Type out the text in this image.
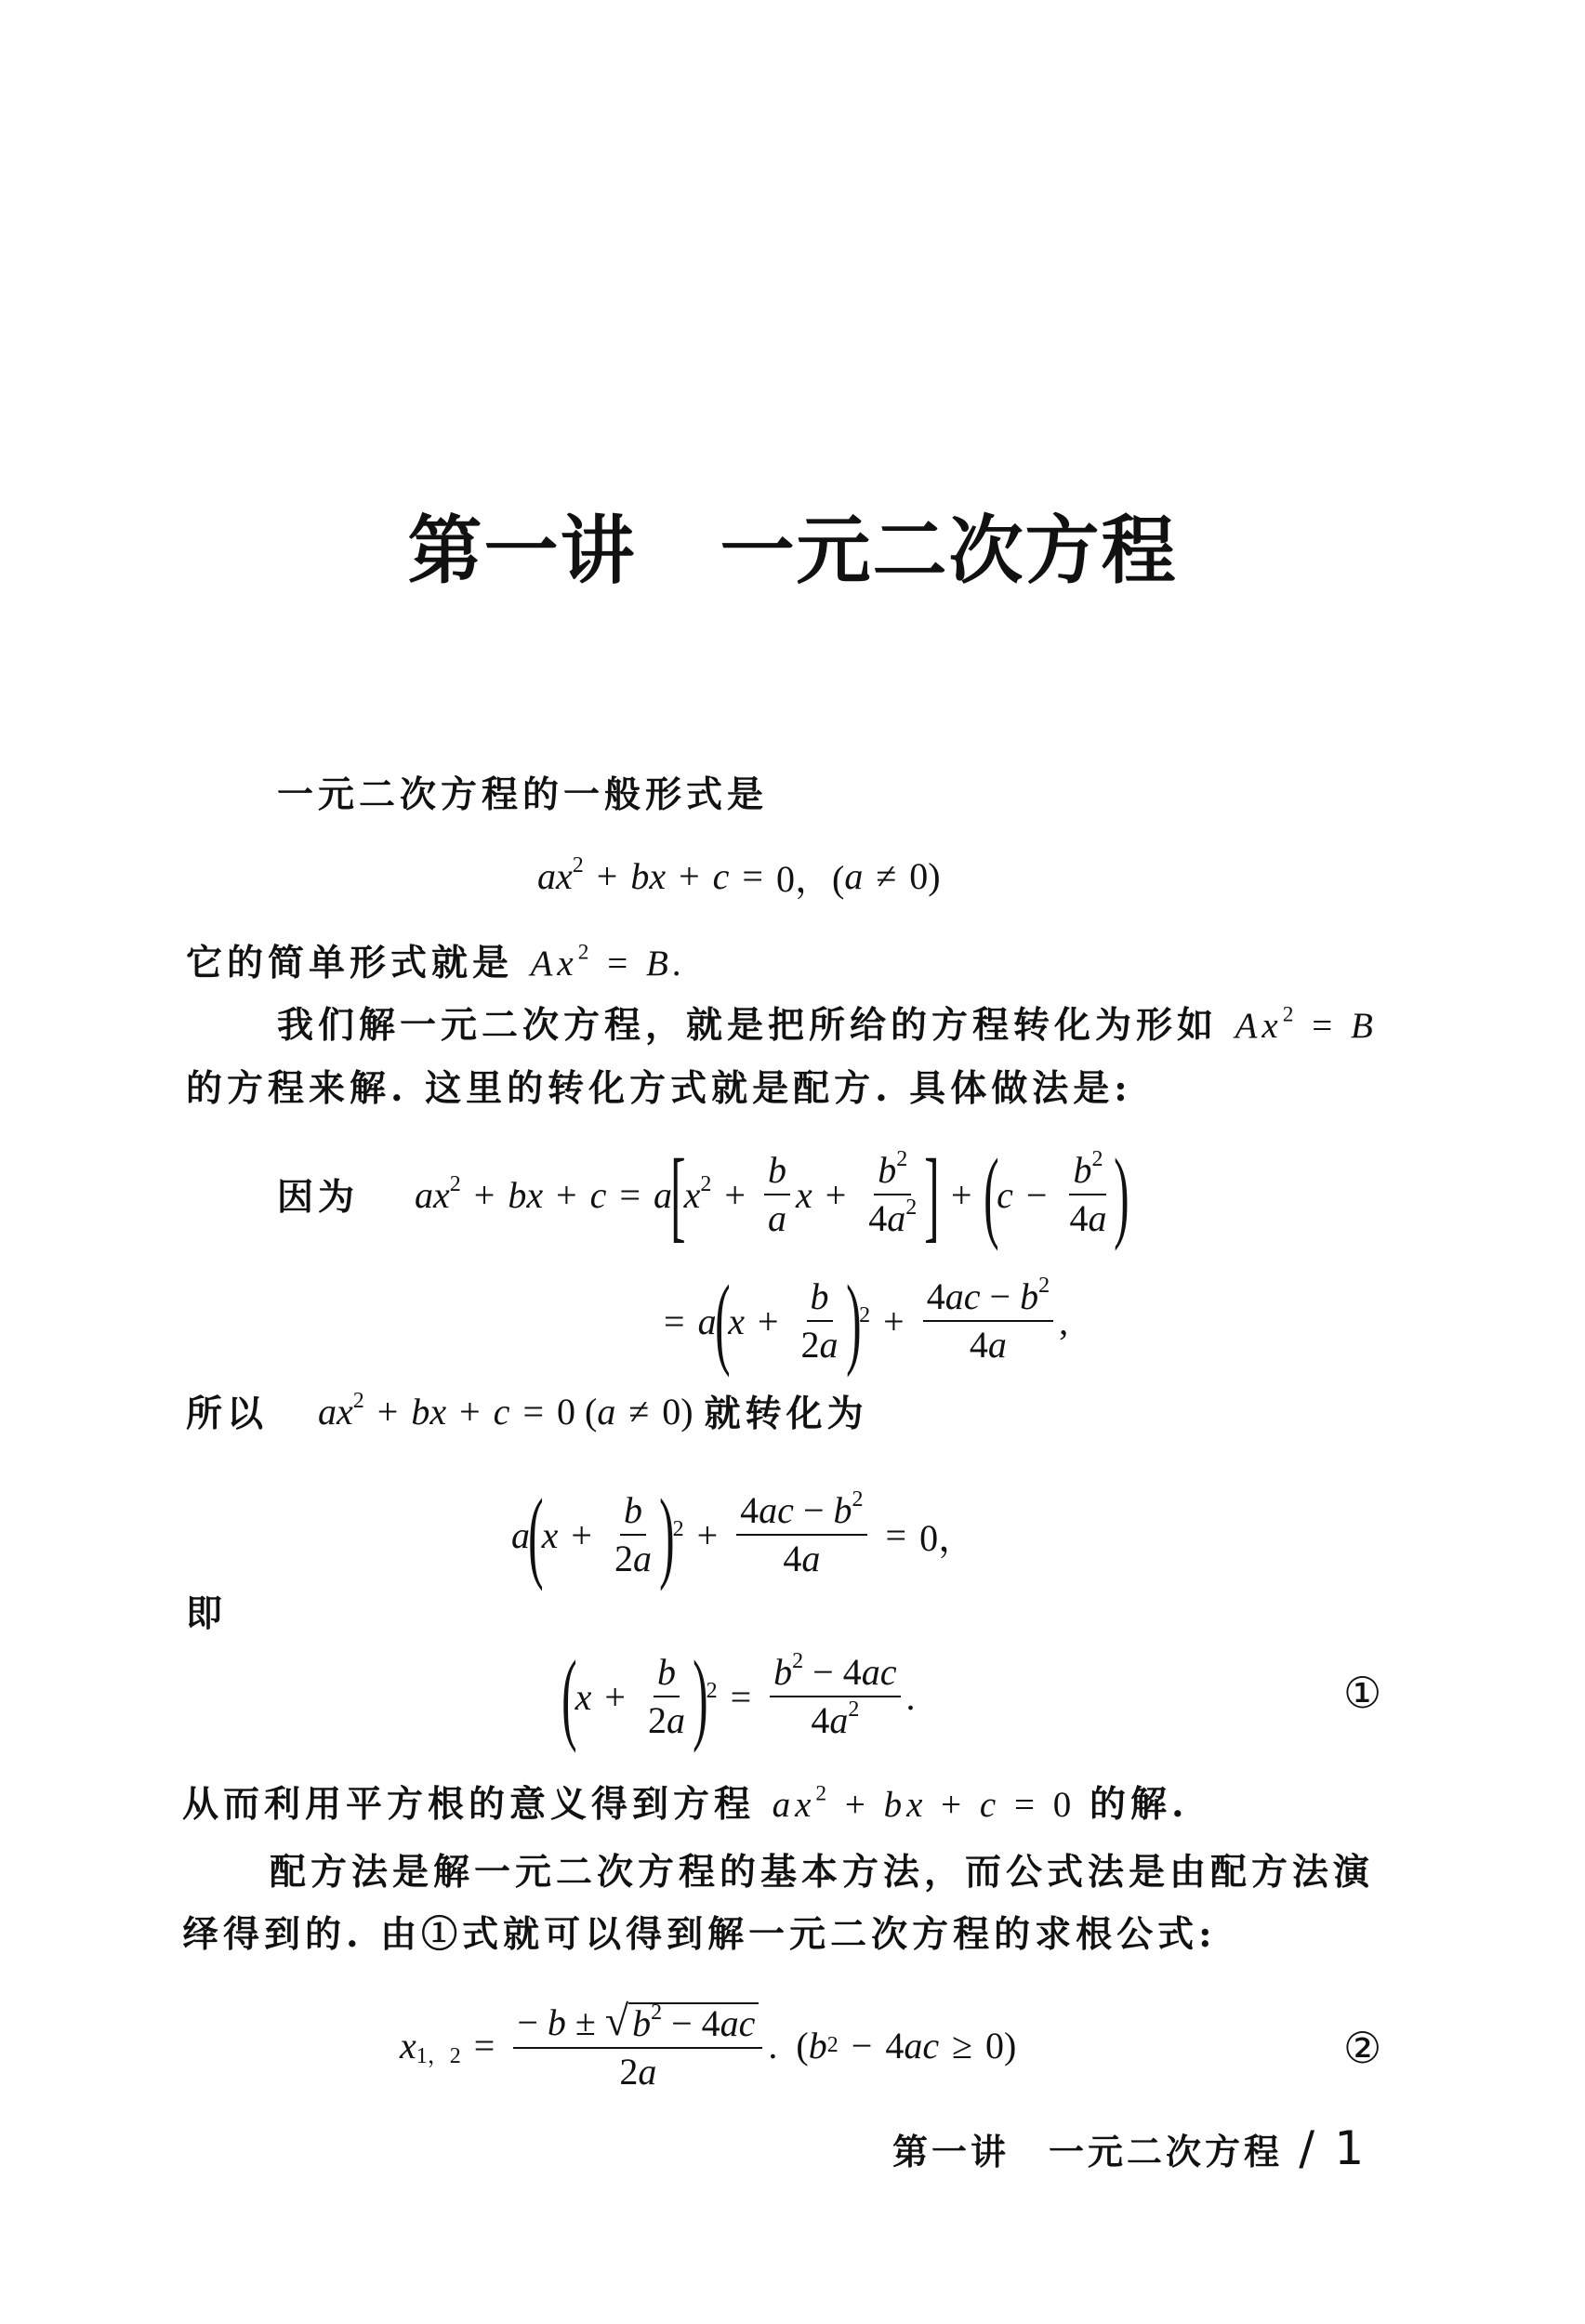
第一讲 一元二次方程
一元二次方程的一般形式是
$ax^2$ + bx + c = 0，( a ≠ 0)
它的简单形式就是 $Ax^2 = B$.
我们解一元二次方程，就是把所给的方程转化为形如 $Ax^2 = B$
的方程来解. 这里的转化方式就是配方. 具体做法是:
因为 $ax^2$ + bx + c = a
[
$x^2 + \frac{b}{a}$ $x + \frac{b^2}{4a^2}$ ] + (
$c - \frac{b^2}{4a}$ )
= a
(
$x + \frac{b}{2a}$ )
$2 + \frac{4ac - b^2}{4a}$ ,
所以 $ax^2$ + bx + c = 0 ( a ≠ 0) 就转化为
a
(
$x + \frac{b}{2a}$ )
$2 + \frac{4ac - b^2}{4a} = 0$，
即
(
$x + \frac{b}{2a}$ )
$2 = \frac{b^2 - 4ac}{4a^2}$ .	①
从而利用平方根的意义得到方程 $ax^2$ + bx + c = 0 的解.
配方法是解一元二次方程的基本方法，而公式法是由配方法演
绎得到的. 由①式就可以得到解一元二次方程的求根公式:
$x_{1,2} = \frac{- b \pm √ b^2 - 4ac}{2a}$ . ( b 2 − 4 ac ≥ 0)	②
第一讲　一元二次方程 / 1
